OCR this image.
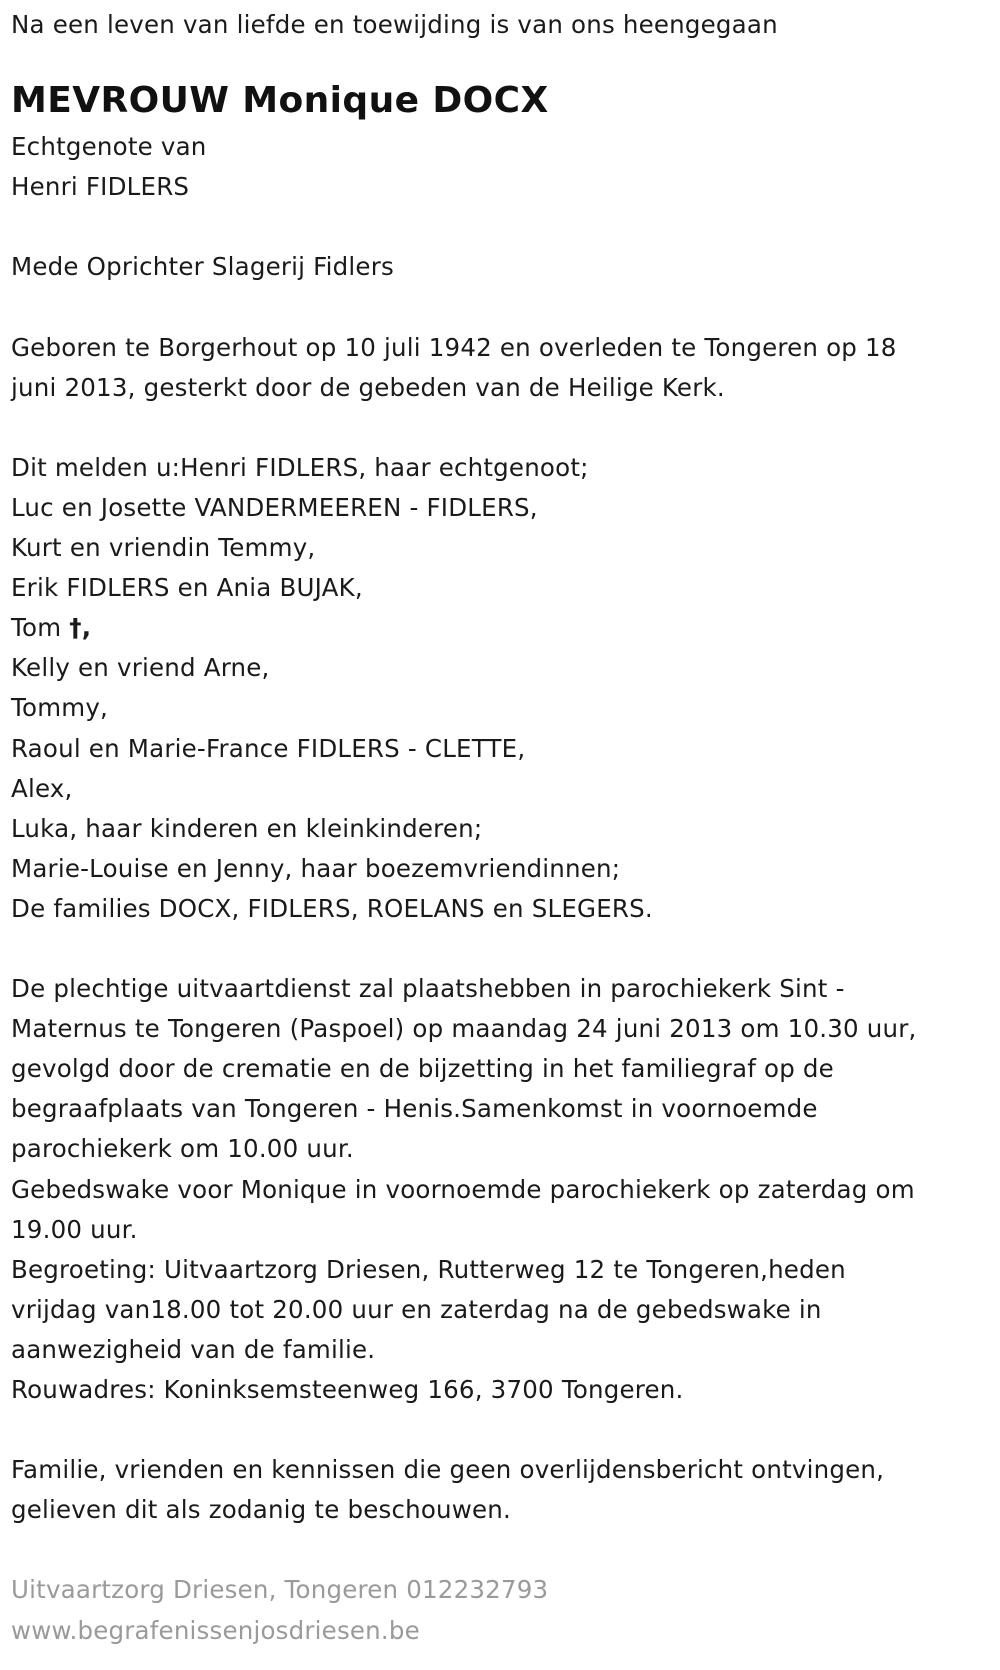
Na een leven van liefde en toewijding is van ons heengegaan
MEVROUW Monique DOCX
Echtgenote van
Henri FIDLERS
Mede Oprichter Slagerij Fidlers
Geboren te Borgerhout op 10 juli 1942 en overleden te Tongeren op 18
juni 2013, gesterkt door de gebeden van de Heilige Kerk.
Dit melden u:Henri FIDLERS, haar echtgenoot;
Luc en Josette VANDERMEEREN - FIDLERS,
Kurt en vriendin Temmy,
Erik FIDLERS en Ania BUJAK,
Tom †,
Kelly en vriend Arne,
Tommy,
Raoul en Marie-France FIDLERS - CLETTE,
Alex,
Luka, haar kinderen en kleinkinderen;
Marie-Louise en Jenny, haar boezemvriendinnen;
De families DOCX, FIDLERS, ROELANS en SLEGERS.
De plechtige uitvaartdienst zal plaatshebben in parochiekerk Sint -
Maternus te Tongeren (Paspoel) op maandag 24 juni 2013 om 10.30 uur,
gevolgd door de crematie en de bijzetting in het familiegraf op de
begraafplaats van Tongeren - Henis.Samenkomst in voornoemde
parochiekerk om 10.00 uur.
Gebedswake voor Monique in voornoemde parochiekerk op zaterdag om
19.00 uur.
Begroeting: Uitvaartzorg Driesen, Rutterweg 12 te Tongeren,heden
vrijdag van18.00 tot 20.00 uur en zaterdag na de gebedswake in
aanwezigheid van de familie.
Rouwadres: Koninksemsteenweg 166, 3700 Tongeren.
Familie, vrienden en kennissen die geen overlijdensbericht ontvingen,
gelieven dit als zodanig te beschouwen.
Uitvaartzorg Driesen, Tongeren 012232793
www.begrafenissenjosdriesen.be
